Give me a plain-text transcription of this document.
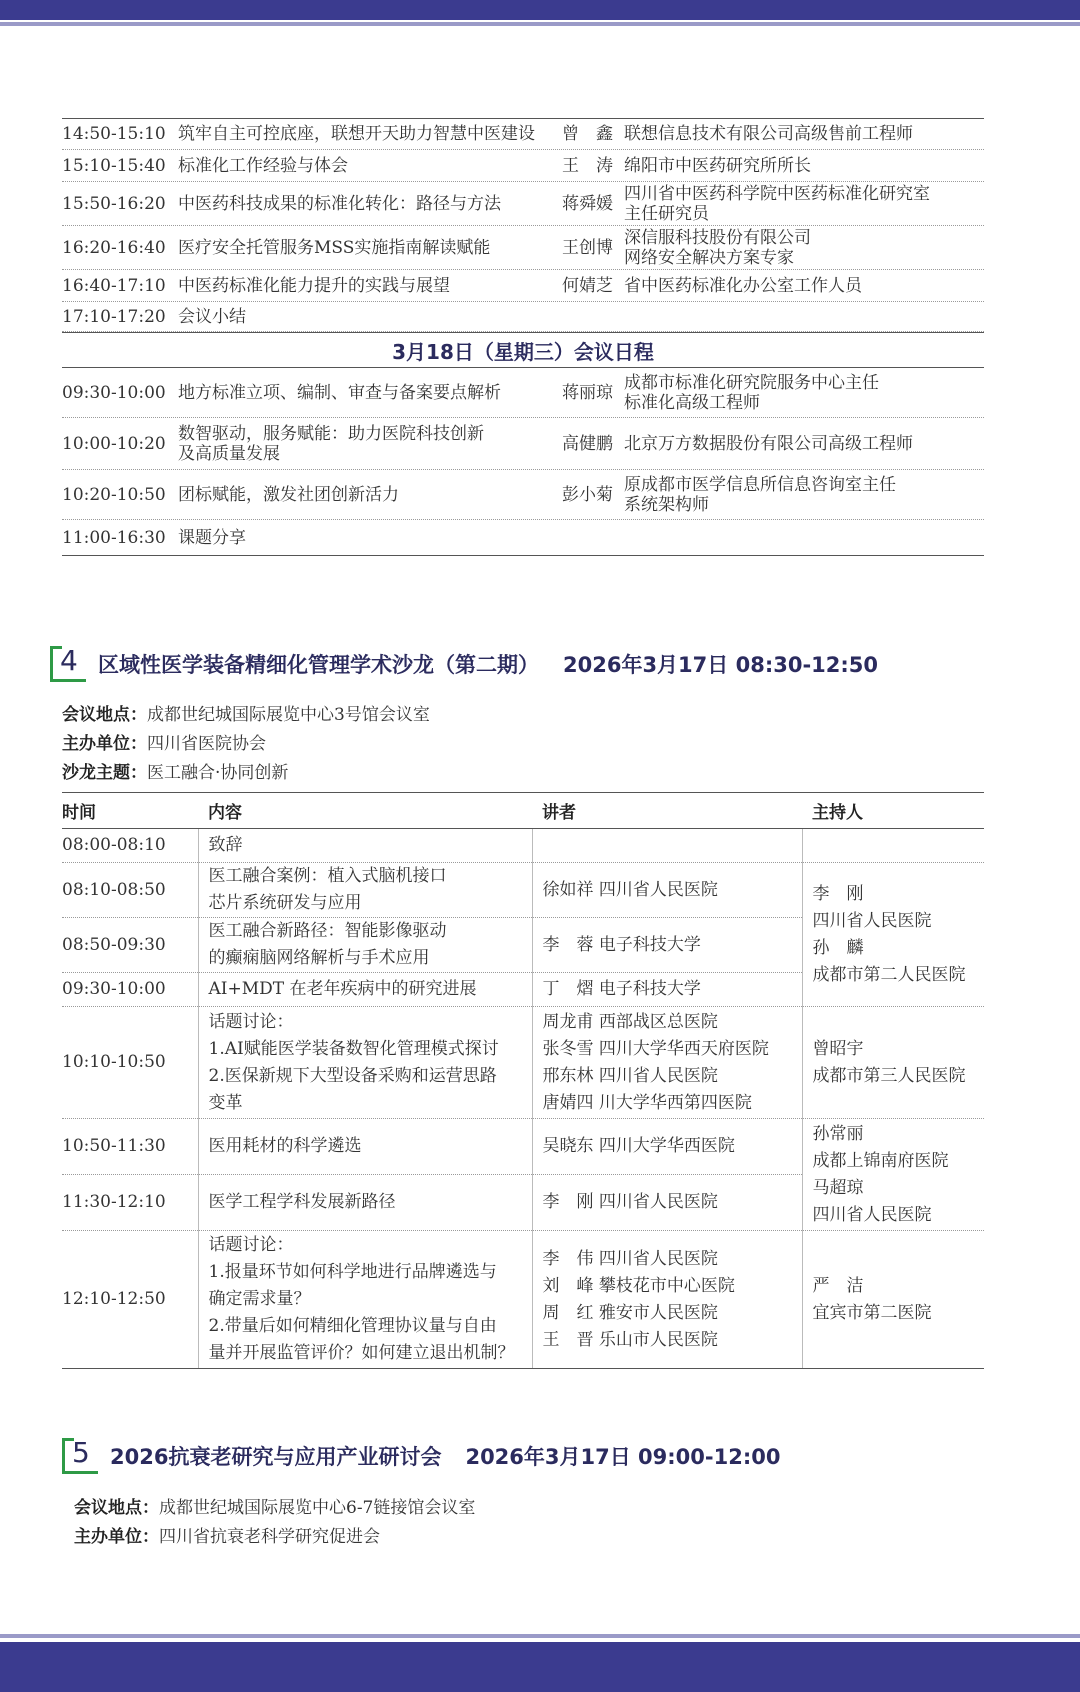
14:50-15:10 筑牢自主可控底座，联想开天助力智慧中医建设 曾　鑫 联想信息技术有限公司高级售前工程师
15:10-15:40 标准化工作经验与体会	王　涛 绵阳市中医药研究所所长
15:50-16:20 中医药科技成果的标准化转化：路径与方法	蒋舜媛 四川省中医药科学院中医药标准化研究室
主任研究员
16:20-16:40 医疗安全托管服务MSS实施指南解读赋能	王创博 深信服科技股份有限公司
网络安全解决方案专家
16:40-17:10 中医药标准化能力提升的实践与展望	何婧芝 省中医药标准化办公室工作人员
17:10-17:20 会议小结
3月18日（星期三）会议日程
09:30-10:00 地方标准立项、编制、审查与备案要点解析	蒋丽琼 成都市标准化研究院服务中心主任
标准化高级工程师
10:00-10:20 数智驱动，服务赋能：助力医院科技创新
及高质量发展	高健鹏 北京万方数据股份有限公司高级工程师
10:20-10:50 团标赋能，激发社团创新活力	彭小菊 原成都市医学信息所信息咨询室主任
系统架构师
11:00-16:30 课题分享
4 区域性医学装备精细化管理学术沙龙（第二期） 2026年3月17日 08:30-12:50
会议地点：成都世纪城国际展览中心3号馆会议室
主办单位：四川省医院协会
沙龙主题：医工融合·协同创新
时间	内容	讲者	主持人
08:00-08:10	致辞		

08:10-08:50	医工融合案例：植入式脑机接口
芯片系统研发与应用	徐如祥 四川省人民医院	李　刚
四川省人民医院
孙　麟
成都市第二人民医院

08:50-09:30	医工融合新路径：智能影像驱动
的癫痫脑网络解析与手术应用	李　蓉 电子科技大学	

09:30-10:00	AI+MDT 在老年疾病中的研究进展	丁　熠 电子科技大学	

10:10-10:50	话题讨论：
1.AI赋能医学装备数智化管理模式探讨
2.医保新规下大型设备采购和运营思路
变革	周龙甫 西部战区总医院
张冬雪 四川大学华西天府医院
邢东林 四川省人民医院
唐婧四 川大学华西第四医院	曾昭宇
成都市第三人民医院

10:50-11:30	医用耗材的科学遴选	吴晓东 四川大学华西医院	孙常丽
成都上锦南府医院
马超琼
四川省人民医院

11:30-12:10	医学工程学科发展新路径	李　刚 四川省人民医院	

12:10-12:50	话题讨论：
1.报量环节如何科学地进行品牌遴选与
确定需求量？
2.带量后如何精细化管理协议量与自由
量并开展监管评价？如何建立退出机制？	李　伟 四川省人民医院
刘　峰 攀枝花市中心医院
周　红 雅安市人民医院
王　晋 乐山市人民医院	严　洁
宜宾市第二医院
5 2026抗衰老研究与应用产业研讨会 2026年3月17日 09:00-12:00
会议地点：成都世纪城国际展览中心6-7链接馆会议室
主办单位：四川省抗衰老科学研究促进会
